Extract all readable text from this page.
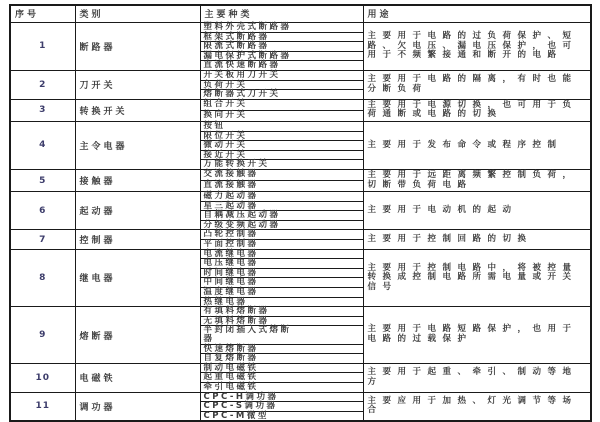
序号	类别	主要种类	用途
1	断路器	塑料外壳式断路器	主要用于电路的过负荷保护、短路、欠电压、漏电压保护，也可用于不频繁接通和断开的电路
		框架式断路器	
		限流式断路器	
		漏电保护式断路器	
		直流快速断路器	
2	刀开关	开关板用刀开关	主要用于电路的隔离，有时也能分断负荷
		负荷开关	
		熔断器式刀开关	
3	转换开关	组合开关	主要用于电源切换，也可用于负荷通断或电路的切换
		换向开关	
4	主令电器	按钮	主要用于发布命令或程序控制
		限位开关	
		微动开关	
		接近开关	
		万能转换开关	
5	接触器	交流接触器	主要用于远距离频繁控制负荷，切断带负荷电路
		直流接触器	
6	起动器	磁力起动器	主要用于电动机的起动
		星三起动器	
		自耦减压起动器	
		分级变频起动器	
7	控制器	凸轮控制器	主要用于控制回路的切换
		平面控制器	
8	继电器	电流继电器	主要用于控制电路中，将被控量转换成控制电路所需电量或开关信号
		电压继电器	
		时间继电器	
		中间继电器	
		温度继电器	
		热继电器	
9	熔断器	有填料熔断器	主要用于电路短路保护，也用于电路的过载保护
		无填料熔断器	
		半封闭插入式熔断器	
		快速熔断器	
		自复熔断器	
10	电磁铁	制动电磁铁	主要用于起重、牵引、制动等地方
		起重电磁铁	
		牵引电磁铁	
11	调功器	CPC-H调功器	主要应用于加热、灯光调节等场合
		CPC-S调功器	
		CPC-M微型	
